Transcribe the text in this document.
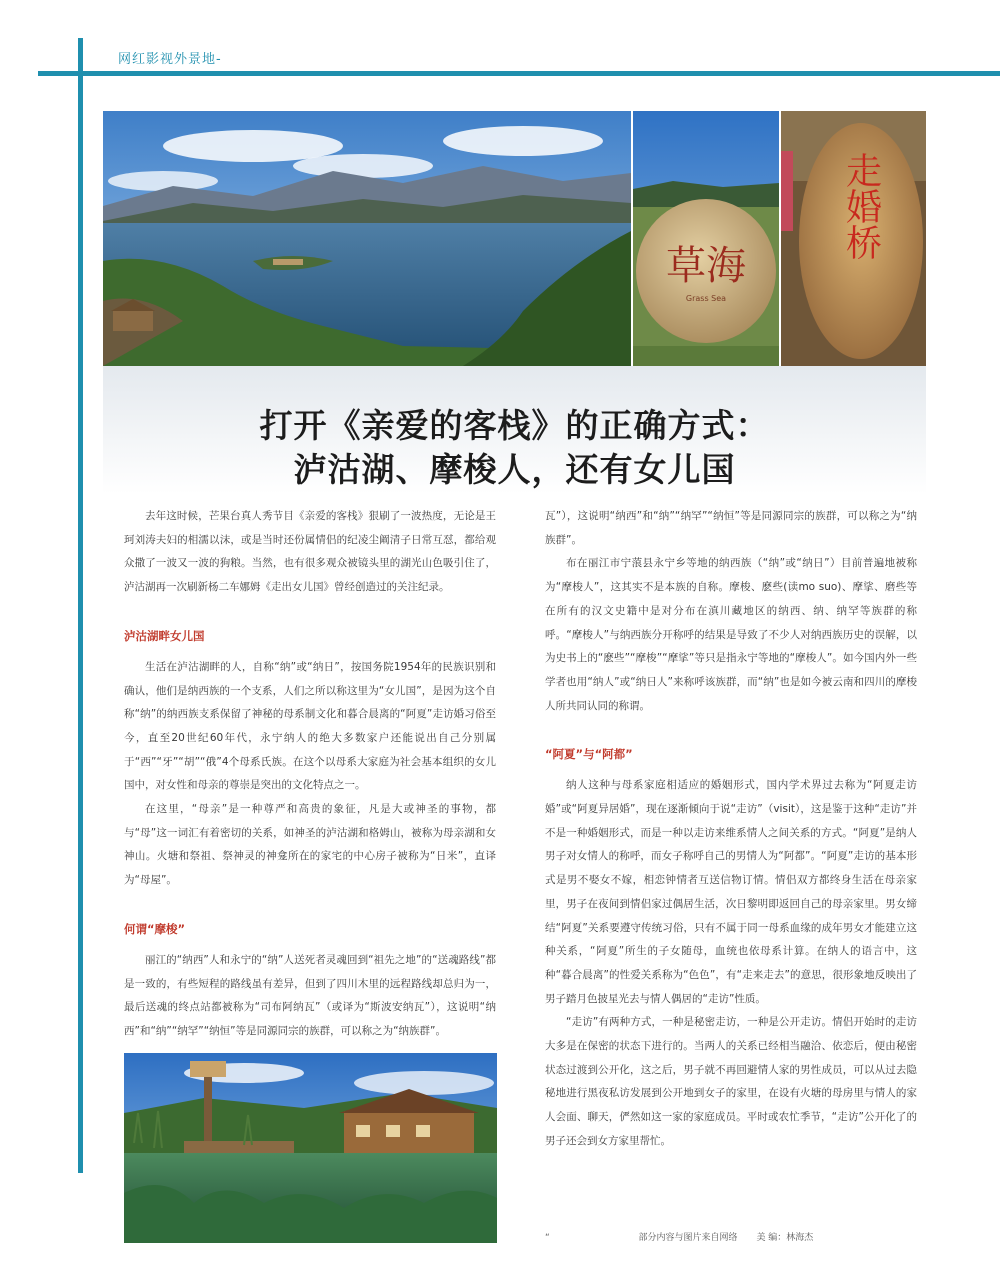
网红影视外景地-
草海
Grass Sea
走婚桥
打开《亲爱的客栈》的正确方式：
泸沽湖、摩梭人，还有女儿国

去年这时候，芒果台真人秀节目《亲爱的客栈》狠刷了一波热度，无论是王珂刘涛夫妇的相濡以沫，或是当时还份属情侣的纪凌尘阚清子日常互怼，都给观众撒了一波又一波的狗粮。当然，也有很多观众被镜头里的湖光山色吸引住了，泸沽湖再一次刷新杨二车娜姆《走出女儿国》曾经创造过的关注纪录。

泸沽湖畔女儿国

生活在泸沽湖畔的人，自称“纳”或“纳日”，按国务院1954年的民族识别和确认，他们是纳西族的一个支系，人们之所以称这里为“女儿国”，是因为这个自称“纳”的纳西族支系保留了神秘的母系制文化和暮合晨离的“阿夏”走访婚习俗至今，直至20世纪60年代，永宁纳人的绝大多数家户还能说出自己分别属于“西”“牙”“胡”“俄”4个母系氏族。在这个以母系大家庭为社会基本组织的女儿国中，对女性和母亲的尊崇是突出的文化特点之一。

在这里，“母亲”是一种尊严和高贵的象征，凡是大或神圣的事物，都与“母”这一词汇有着密切的关系，如神圣的泸沽湖和格姆山，被称为母亲湖和女神山。火塘和祭祖、祭神灵的神龛所在的家宅的中心房子被称为“日米”，直译为“母屋”。

何谓“摩梭”

丽江的“纳西”人和永宁的“纳”人送死者灵魂回到“祖先之地”的“送魂路线”都是一致的，有些短程的路线虽有差异，但到了四川木里的远程路线却总归为一，最后送魂的终点站都被称为“司布阿纳瓦”（或译为“斯波安纳瓦”），这说明“纳西”和“纳”“纳罕”“纳恒”等是同源同宗的族群，可以称之为“纳族群”。

瓦”），这说明“纳西”和“纳”“纳罕”“纳恒”等是同源同宗的族群，可以称之为“纳族群”。

布在丽江市宁蒗县永宁乡等地的纳西族（“纳”或“纳日”）目前普遍地被称为“摩梭人”，这其实不是本族的自称。摩梭、麽些(读mo suo)、摩挲、磨些等在所有的汉文史籍中是对分布在滇川藏地区的纳西、纳、纳罕等族群的称呼。“摩梭人”与纳西族分开称呼的结果是导致了不少人对纳西族历史的误解，以为史书上的“麽些”“摩梭”“摩挲”等只是指永宁等地的“摩梭人”。如今国内外一些学者也用“纳人”或“纳日人”来称呼该族群，而“纳”也是如今被云南和四川的摩梭人所共同认同的称谓。

“阿夏”与“阿都”

纳人这种与母系家庭相适应的婚姻形式，国内学术界过去称为“阿夏走访婚”或“阿夏异居婚”，现在逐渐倾向于说“走访”（visit），这是鉴于这种“走访”并不是一种婚姻形式，而是一种以走访来维系情人之间关系的方式。“阿夏”是纳人男子对女情人的称呼，而女子称呼自己的男情人为“阿都”。“阿夏”走访的基本形式是男不娶女不嫁，相恋钟情者互送信物订情。情侣双方都终身生活在母亲家里，男子在夜间到情侣家过偶居生活，次日黎明即返回自己的母亲家里。男女缔结“阿夏”关系要遵守传统习俗，只有不属于同一母系血缘的成年男女才能建立这种关系，“阿夏”所生的子女随母，血统也依母系计算。在纳人的语言中，这种“暮合晨离”的性爱关系称为“色色”，有“走来走去”的意思，很形象地反映出了男子踏月色披星光去与情人偶居的“走访”性质。

“走访”有两种方式，一种是秘密走访，一种是公开走访。情侣开始时的走访大多是在保密的状态下进行的。当两人的关系已经相当融洽、依恋后，便由秘密状态过渡到公开化，这之后，男子就不再回避情人家的男性成员，可以从过去隐秘地进行黑夜私访发展到公开地到女子的家里，在设有火塘的母房里与情人的家人会面、聊天，俨然如这一家的家庭成员。平时或农忙季节，“走访”公开化了的男子还会到女方家里帮忙。

“	部分内容与图片来自网络 美 编：林海杰
